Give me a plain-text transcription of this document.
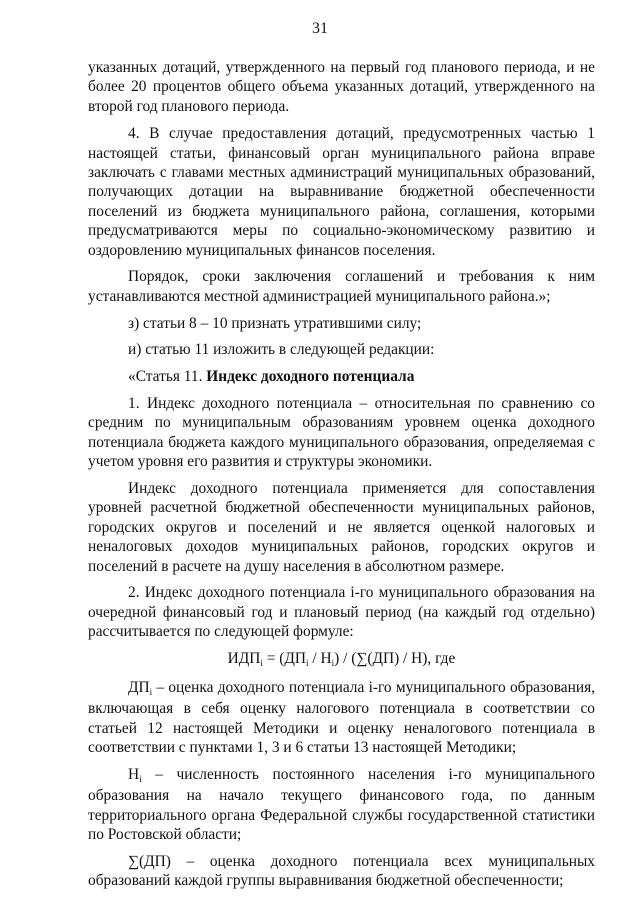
31

указанных дотаций, утвержденного на первый год планового периода, и не более 20 процентов общего объема указанных дотаций, утвержденного на второй год планового периода.

4. В случае предоставления дотаций, предусмотренных частью 1 настоящей статьи, финансовый орган муниципального района вправе заключать с главами местных администраций муниципальных образований, получающих дотации на выравнивание бюджетной обеспеченности поселений из бюджета муниципального района, соглашения, которыми предусматриваются меры по социально-экономическому развитию и оздоровлению муниципальных финансов поселения.

Порядок, сроки заключения соглашений и требования к ним устанавливаются местной администрацией муниципального района.»;

з) статьи 8 – 10 признать утратившими силу;

и) статью 11 изложить в следующей редакции:

«Статья 11. Индекс доходного потенциала

1. Индекс доходного потенциала – относительная по сравнению со средним по муниципальным образованиям уровнем оценка доходного потенциала бюджета каждого муниципального образования, определяемая с учетом уровня его развития и структуры экономики.

Индекс доходного потенциала применяется для сопоставления уровней расчетной бюджетной обеспеченности муниципальных районов, городских округов и поселений и не является оценкой налоговых и неналоговых доходов муниципальных районов, городских округов и поселений в расчете на душу населения в абсолютном размере.

2. Индекс доходного потенциала i-го муниципального образования на очередной финансовый год и плановый период (на каждый год отдельно) рассчитывается по следующей формуле:

$ИДП_i = (ДП_i / Н_i) / (\sum(ДП) / Н)$, где

$ДП_i$ – оценка доходного потенциала i-го муниципального образования, включающая в себя оценку налогового потенциала в соответствии со статьей 12 настоящей Методики и оценку неналогового потенциала в соответствии с пунктами 1, 3 и 6 статьи 13 настоящей Методики;

$Н_i$ – численность постоянного населения i-го муниципального образования на начало текущего финансового года, по данным территориального органа Федеральной службы государственной статистики по Ростовской области;

∑(ДП) – оценка доходного потенциала всех муниципальных образований каждой группы выравнивания бюджетной обеспеченности;
